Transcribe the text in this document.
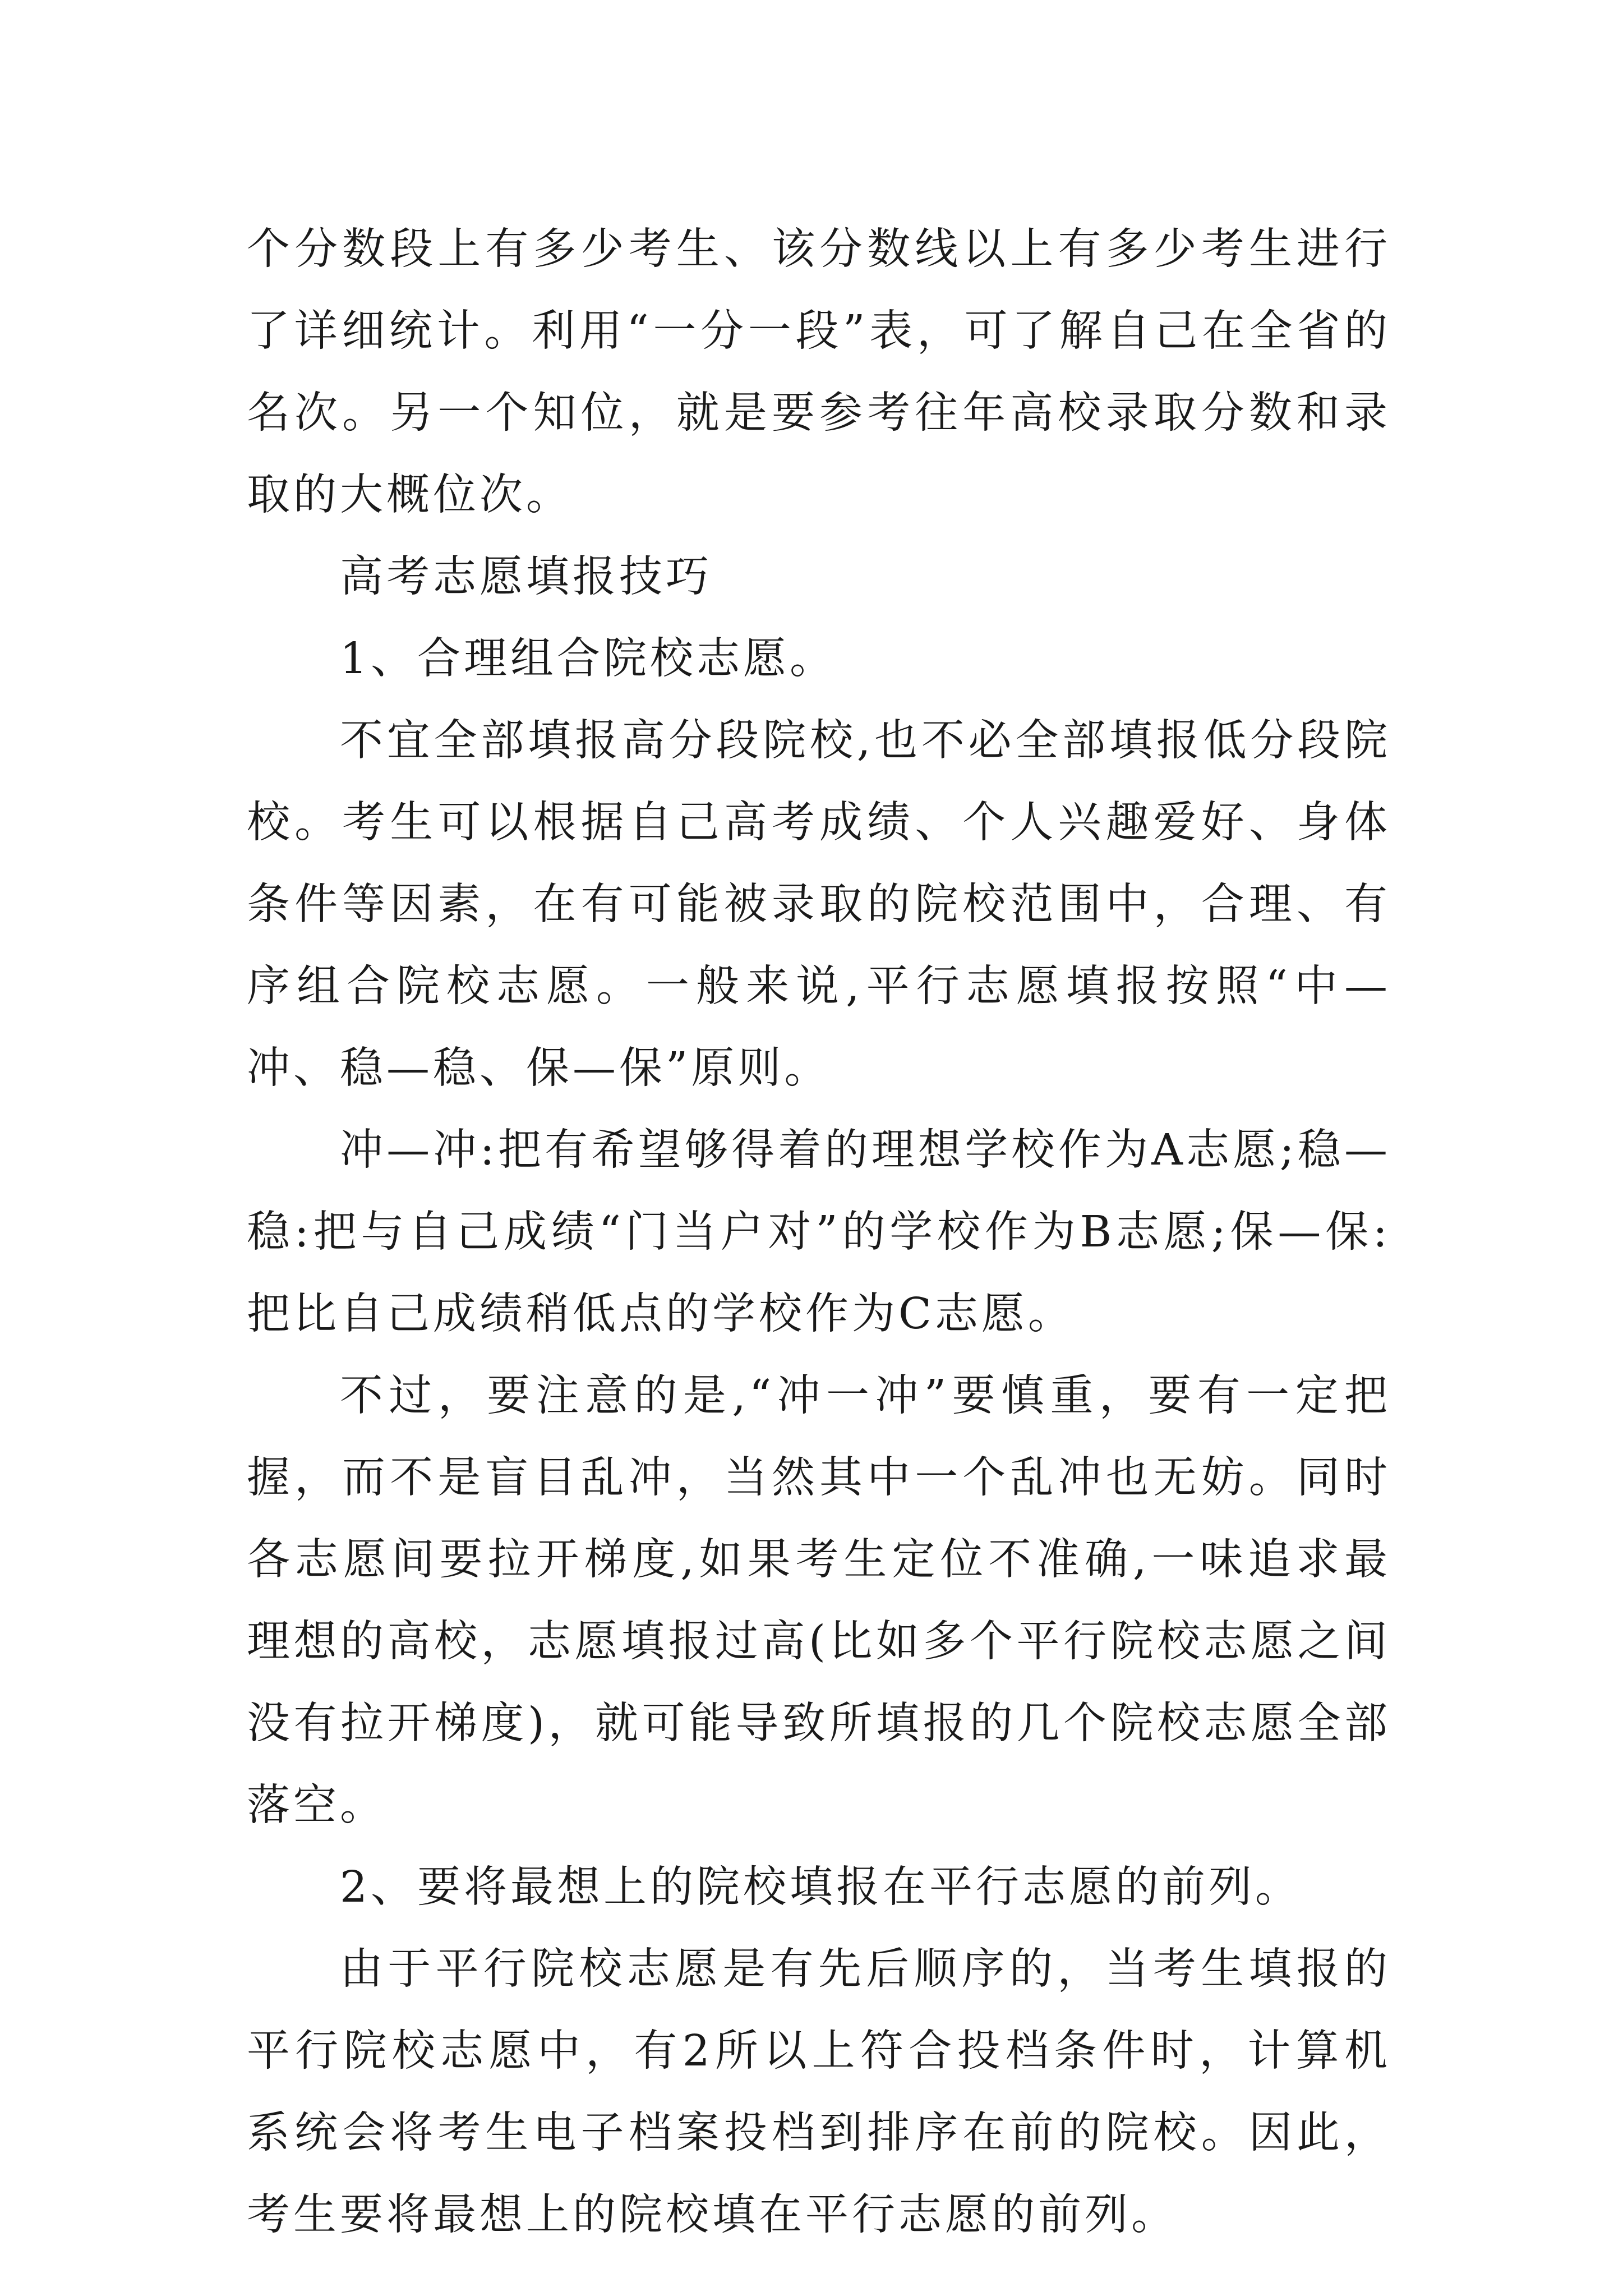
个分数段上有多少考生、该分数线以上有多少考生进行了详细统计。利用“一分一段”表，可了解自己在全省的名次。另一个知位，就是要参考往年高校录取分数和录取的大概位次。

高考志愿填报技巧

1、合理组合院校志愿。

不宜全部填报高分段院校,也不必全部填报低分段院校。考生可以根据自己高考成绩、个人兴趣爱好、身体条件等因素，在有可能被录取的院校范围中，合理、有序组合院校志愿。一般来说,平行志愿填报按照“中—冲、稳—稳、保—保”原则。

冲—冲:把有希望够得着的理想学校作为A志愿;稳—稳:把与自己成绩“门当户对”的学校作为B志愿;保—保:把比自己成绩稍低点的学校作为C志愿。

不过，要注意的是,“冲一冲”要慎重，要有一定把握，而不是盲目乱冲，当然其中一个乱冲也无妨。同时各志愿间要拉开梯度,如果考生定位不准确,一味追求最理想的高校，志愿填报过高(比如多个平行院校志愿之间没有拉开梯度)，就可能导致所填报的几个院校志愿全部落空。

2、要将最想上的院校填报在平行志愿的前列。

由于平行院校志愿是有先后顺序的，当考生填报的平行院校志愿中，有2所以上符合投档条件时，计算机系统会将考生电子档案投档到排序在前的院校。因此，考生要将最想上的院校填在平行志愿的前列。
